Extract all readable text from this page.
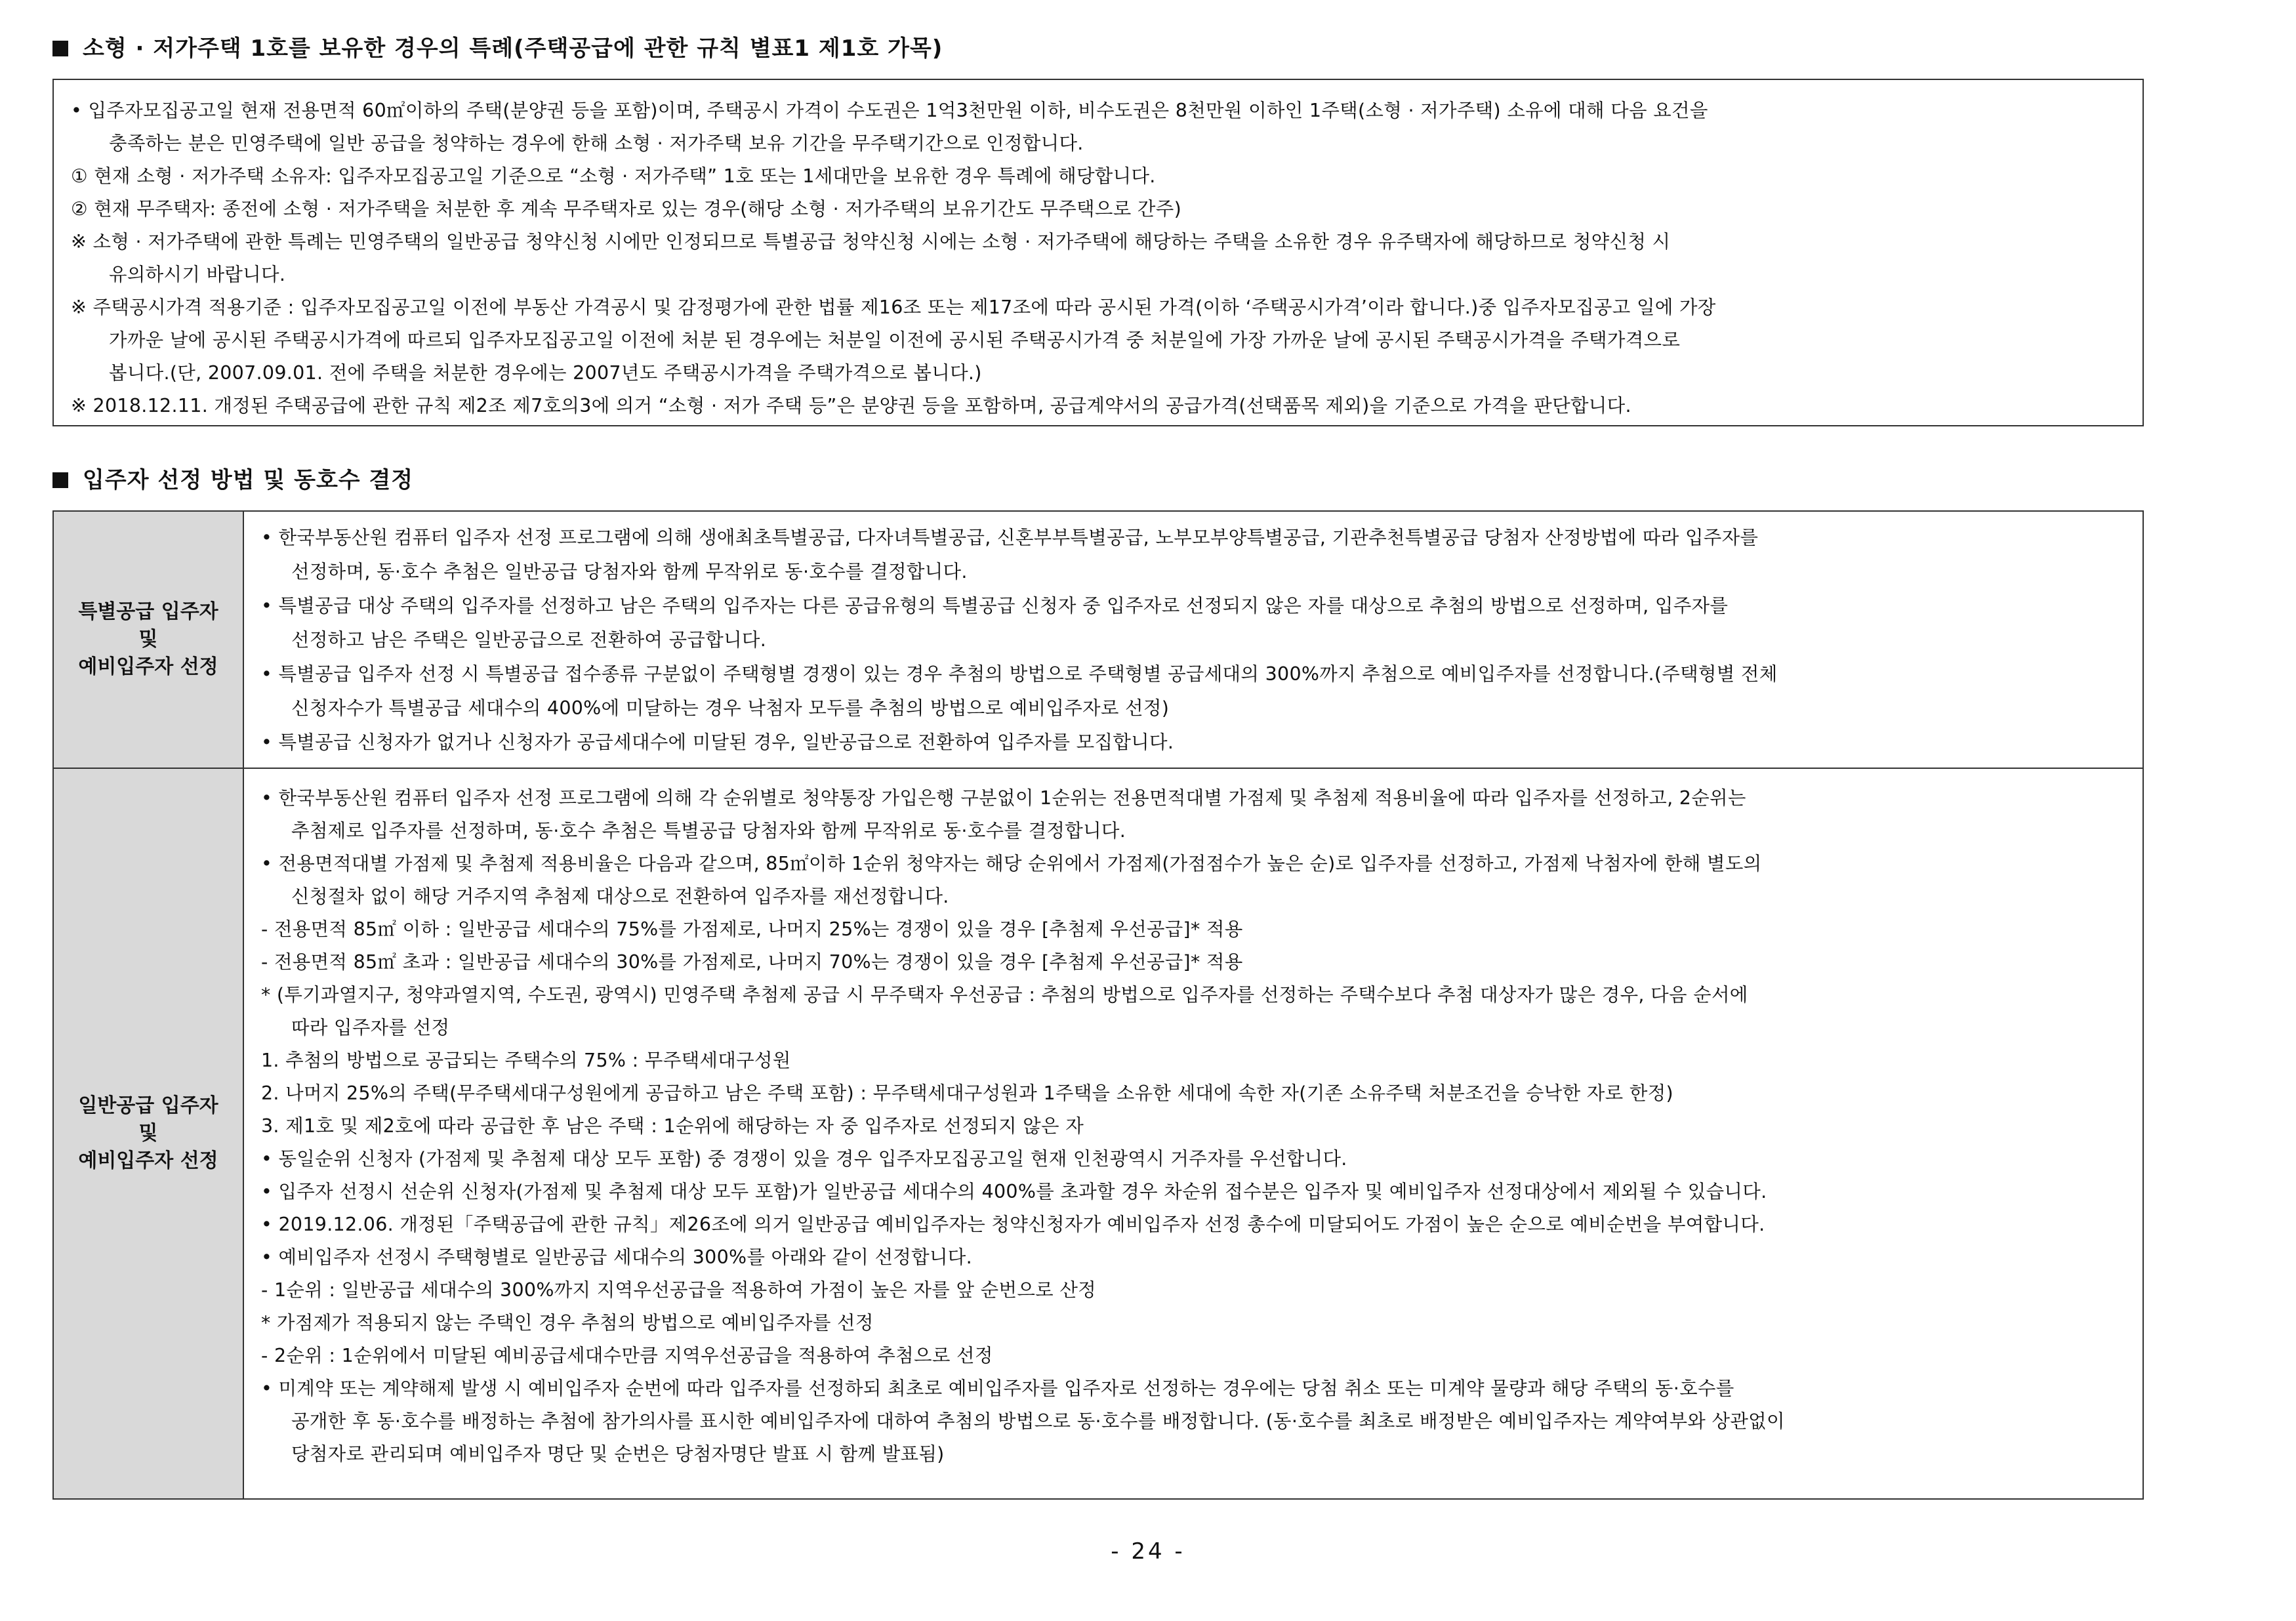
소형 · 저가주택 1호를 보유한 경우의 특례(주택공급에 관한 규칙 별표1 제1호 가목)
• 입주자모집공고일 현재 전용면적 60㎡이하의 주택(분양권 등을 포함)이며, 주택공시 가격이 수도권은 1억3천만원 이하, 비수도권은 8천만원 이하인 1주택(소형 · 저가주택) 소유에 대해 다음 요건을
충족하는 분은 민영주택에 일반 공급을 청약하는 경우에 한해 소형 · 저가주택 보유 기간을 무주택기간으로 인정합니다.
① 현재 소형 · 저가주택 소유자: 입주자모집공고일 기준으로 “소형 · 저가주택” 1호 또는 1세대만을 보유한 경우 특례에 해당합니다.
② 현재 무주택자: 종전에 소형 · 저가주택을 처분한 후 계속 무주택자로 있는 경우(해당 소형 · 저가주택의 보유기간도 무주택으로 간주)
※ 소형 · 저가주택에 관한 특례는 민영주택의 일반공급 청약신청 시에만 인정되므로 특별공급 청약신청 시에는 소형 · 저가주택에 해당하는 주택을 소유한 경우 유주택자에 해당하므로 청약신청 시
유의하시기 바랍니다.
※ 주택공시가격 적용기준 : 입주자모집공고일 이전에 부동산 가격공시 및 감정평가에 관한 법률 제16조 또는 제17조에 따라 공시된 가격(이하 ‘주택공시가격’이라 합니다.)중 입주자모집공고 일에 가장
가까운 날에 공시된 주택공시가격에 따르되 입주자모집공고일 이전에 처분 된 경우에는 처분일 이전에 공시된 주택공시가격 중 처분일에 가장 가까운 날에 공시된 주택공시가격을 주택가격으로
봅니다.(단, 2007.09.01. 전에 주택을 처분한 경우에는 2007년도 주택공시가격을 주택가격으로 봅니다.)
※ 2018.12.11. 개정된 주택공급에 관한 규칙 제2조 제7호의3에 의거 “소형 · 저가 주택 등”은 분양권 등을 포함하며, 공급계약서의 공급가격(선택품목 제외)을 기준으로 가격을 판단합니다.
입주자 선정 방법 및 동호수 결정
특별공급 입주자
및
예비입주자 선정
• 한국부동산원 컴퓨터 입주자 선정 프로그램에 의해 생애최초특별공급, 다자녀특별공급, 신혼부부특별공급, 노부모부양특별공급, 기관추천특별공급 당첨자 산정방법에 따라 입주자를
선정하며, 동·호수 추첨은 일반공급 당첨자와 함께 무작위로 동·호수를 결정합니다.
• 특별공급 대상 주택의 입주자를 선정하고 남은 주택의 입주자는 다른 공급유형의 특별공급 신청자 중 입주자로 선정되지 않은 자를 대상으로 추첨의 방법으로 선정하며, 입주자를
선정하고 남은 주택은 일반공급으로 전환하여 공급합니다.
• 특별공급 입주자 선정 시 특별공급 접수종류 구분없이 주택형별 경쟁이 있는 경우 추첨의 방법으로 주택형별 공급세대의 300%까지 추첨으로 예비입주자를 선정합니다.(주택형별 전체
신청자수가 특별공급 세대수의 400%에 미달하는 경우 낙첨자 모두를 추첨의 방법으로 예비입주자로 선정)
• 특별공급 신청자가 없거나 신청자가 공급세대수에 미달된 경우, 일반공급으로 전환하여 입주자를 모집합니다.
일반공급 입주자
및
예비입주자 선정
• 한국부동산원 컴퓨터 입주자 선정 프로그램에 의해 각 순위별로 청약통장 가입은행 구분없이 1순위는 전용면적대별 가점제 및 추첨제 적용비율에 따라 입주자를 선정하고, 2순위는
추첨제로 입주자를 선정하며, 동·호수 추첨은 특별공급 당첨자와 함께 무작위로 동·호수를 결정합니다.
• 전용면적대별 가점제 및 추첨제 적용비율은 다음과 같으며, 85㎡이하 1순위 청약자는 해당 순위에서 가점제(가점점수가 높은 순)로 입주자를 선정하고, 가점제 낙첨자에 한해 별도의
신청절차 없이 해당 거주지역 추첨제 대상으로 전환하여 입주자를 재선정합니다.
- 전용면적 85㎡ 이하 : 일반공급 세대수의 75%를 가점제로, 나머지 25%는 경쟁이 있을 경우 [추첨제 우선공급]* 적용
- 전용면적 85㎡ 초과 : 일반공급 세대수의 30%를 가점제로, 나머지 70%는 경쟁이 있을 경우 [추첨제 우선공급]* 적용
* (투기과열지구, 청약과열지역, 수도권, 광역시) 민영주택 추첨제 공급 시 무주택자 우선공급 : 추첨의 방법으로 입주자를 선정하는 주택수보다 추첨 대상자가 많은 경우, 다음 순서에
따라 입주자를 선정
1. 추첨의 방법으로 공급되는 주택수의 75% : 무주택세대구성원
2. 나머지 25%의 주택(무주택세대구성원에게 공급하고 남은 주택 포함) : 무주택세대구성원과 1주택을 소유한 세대에 속한 자(기존 소유주택 처분조건을 승낙한 자로 한정)
3. 제1호 및 제2호에 따라 공급한 후 남은 주택 : 1순위에 해당하는 자 중 입주자로 선정되지 않은 자
• 동일순위 신청자 (가점제 및 추첨제 대상 모두 포함) 중 경쟁이 있을 경우 입주자모집공고일 현재 인천광역시 거주자를 우선합니다.
• 입주자 선정시 선순위 신청자(가점제 및 추첨제 대상 모두 포함)가 일반공급 세대수의 400%를 초과할 경우 차순위 접수분은 입주자 및 예비입주자 선정대상에서 제외될 수 있습니다.
• 2019.12.06. 개정된「주택공급에 관한 규칙」제26조에 의거 일반공급 예비입주자는 청약신청자가 예비입주자 선정 총수에 미달되어도 가점이 높은 순으로 예비순번을 부여합니다.
• 예비입주자 선정시 주택형별로 일반공급 세대수의 300%를 아래와 같이 선정합니다.
- 1순위 : 일반공급 세대수의 300%까지 지역우선공급을 적용하여 가점이 높은 자를 앞 순번으로 산정
* 가점제가 적용되지 않는 주택인 경우 추첨의 방법으로 예비입주자를 선정
- 2순위 : 1순위에서 미달된 예비공급세대수만큼 지역우선공급을 적용하여 추첨으로 선정
• 미계약 또는 계약해제 발생 시 예비입주자 순번에 따라 입주자를 선정하되 최초로 예비입주자를 입주자로 선정하는 경우에는 당첨 취소 또는 미계약 물량과 해당 주택의 동·호수를
공개한 후 동·호수를 배정하는 추첨에 참가의사를 표시한 예비입주자에 대하여 추첨의 방법으로 동·호수를 배정합니다. (동·호수를 최초로 배정받은 예비입주자는 계약여부와 상관없이
당첨자로 관리되며 예비입주자 명단 및 순번은 당첨자명단 발표 시 함께 발표됨)
- 24 -
